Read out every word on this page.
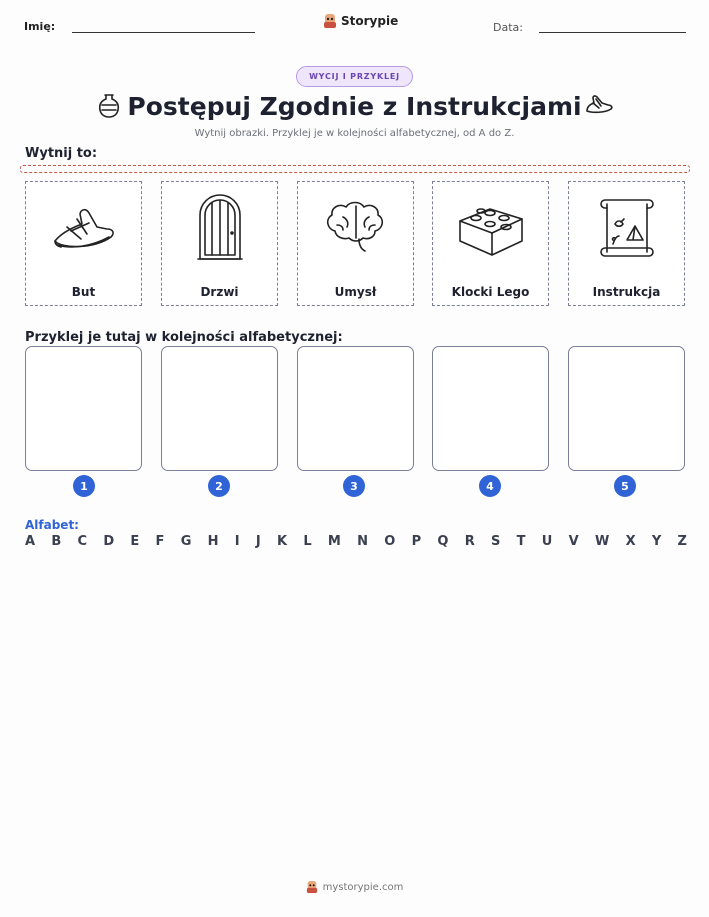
Imię:	Storypie	Data:
WYCIJ I PRZYKLEJ
Postępuj Zgodnie z Instrukcjami
Wytnij obrazki. Przyklej je w kolejności alfabetycznej, od A do Z.
Wytnij to:
But	Drzwi	Umysł	Klocki Lego	Instrukcja
Przyklej je tutaj w kolejności alfabetycznej:
1	2	3	4	5
Alfabet:
A B C D E F G H I J K L M N O P Q R S T U V W X Y Z
mystorypie.com
